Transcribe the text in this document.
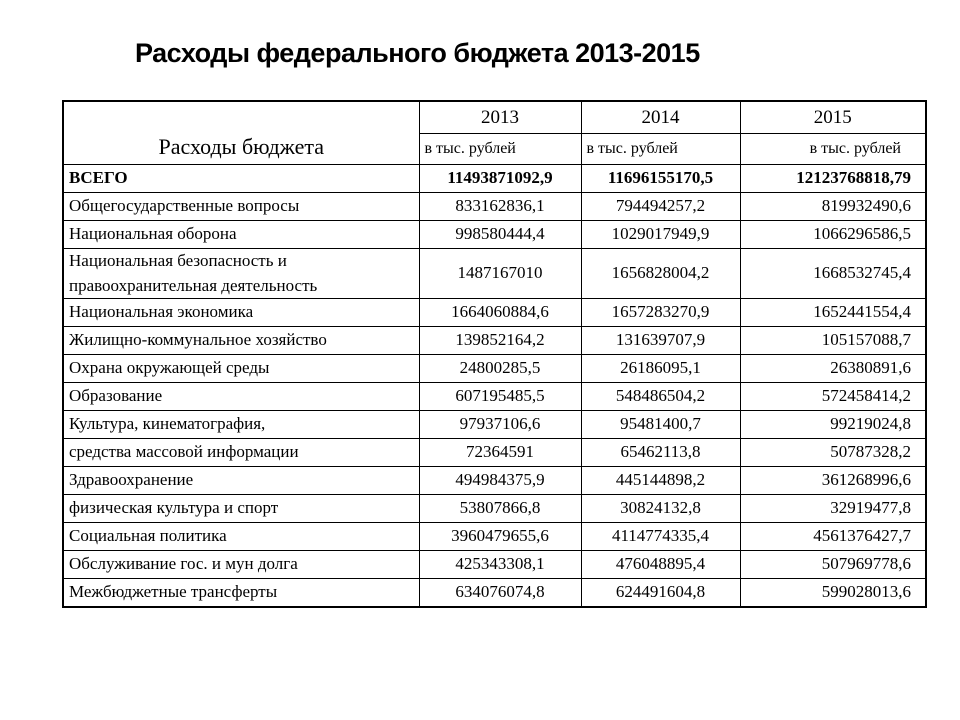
Расходы федерального бюджета 2013-2015
Расходы бюджета	2013	2014	2015
	в тыс. рублей	в тыс. рублей	в тыс. рублей
ВСЕГО	11493871092,9	11696155170,5	12123768818,79
Общегосударственные вопросы	833162836,1	794494257,2	819932490,6
Национальная оборона	998580444,4	1029017949,9	1066296586,5
Национальная безопасность и правоохранительная деятельность	1487167010	1656828004,2	1668532745,4
Национальная экономика	1664060884,6	1657283270,9	1652441554,4
Жилищно-коммунальное хозяйство	139852164,2	131639707,9	105157088,7
Охрана окружающей среды	24800285,5	26186095,1	26380891,6
Образование	607195485,5	548486504,2	572458414,2
Культура, кинематография,	97937106,6	95481400,7	99219024,8
средства массовой информации	72364591	65462113,8	50787328,2
Здравоохранение	494984375,9	445144898,2	361268996,6
физическая культура и спорт	53807866,8	30824132,8	32919477,8
Социальная политика	3960479655,6	4114774335,4	4561376427,7
Обслуживание гос. и мун долга	425343308,1	476048895,4	507969778,6
Межбюджетные трансферты	634076074,8	624491604,8	599028013,6
